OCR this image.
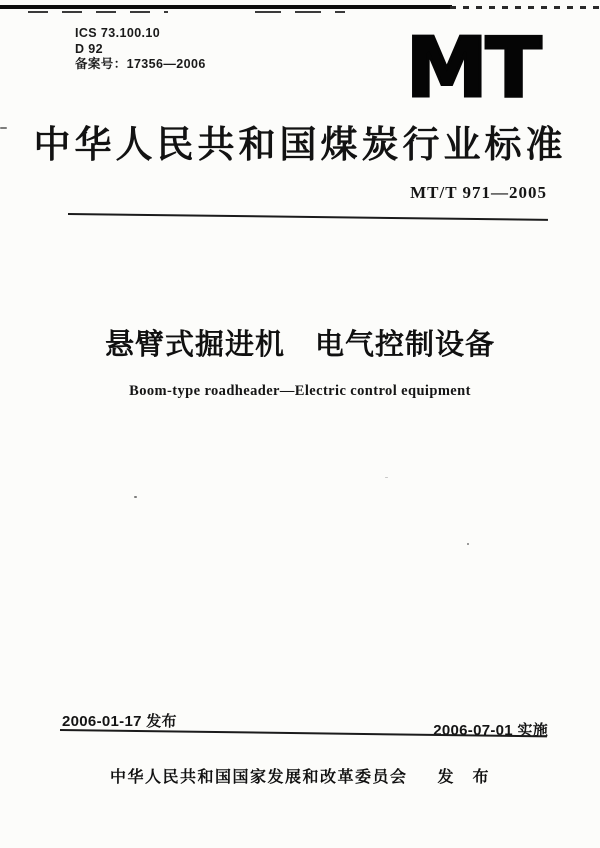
ICS 73.100.10
D 92
备案号：17356—2006 MT
中华人民共和国煤炭行业标准
MT/T 971—2005
悬臂式掘进机　电气控制设备
Boom-type roadheader—Electric control equipment
2006-01-17 发布
2006-07-01 实施
中华人民共和国国家发展和改革委员会 发　布
